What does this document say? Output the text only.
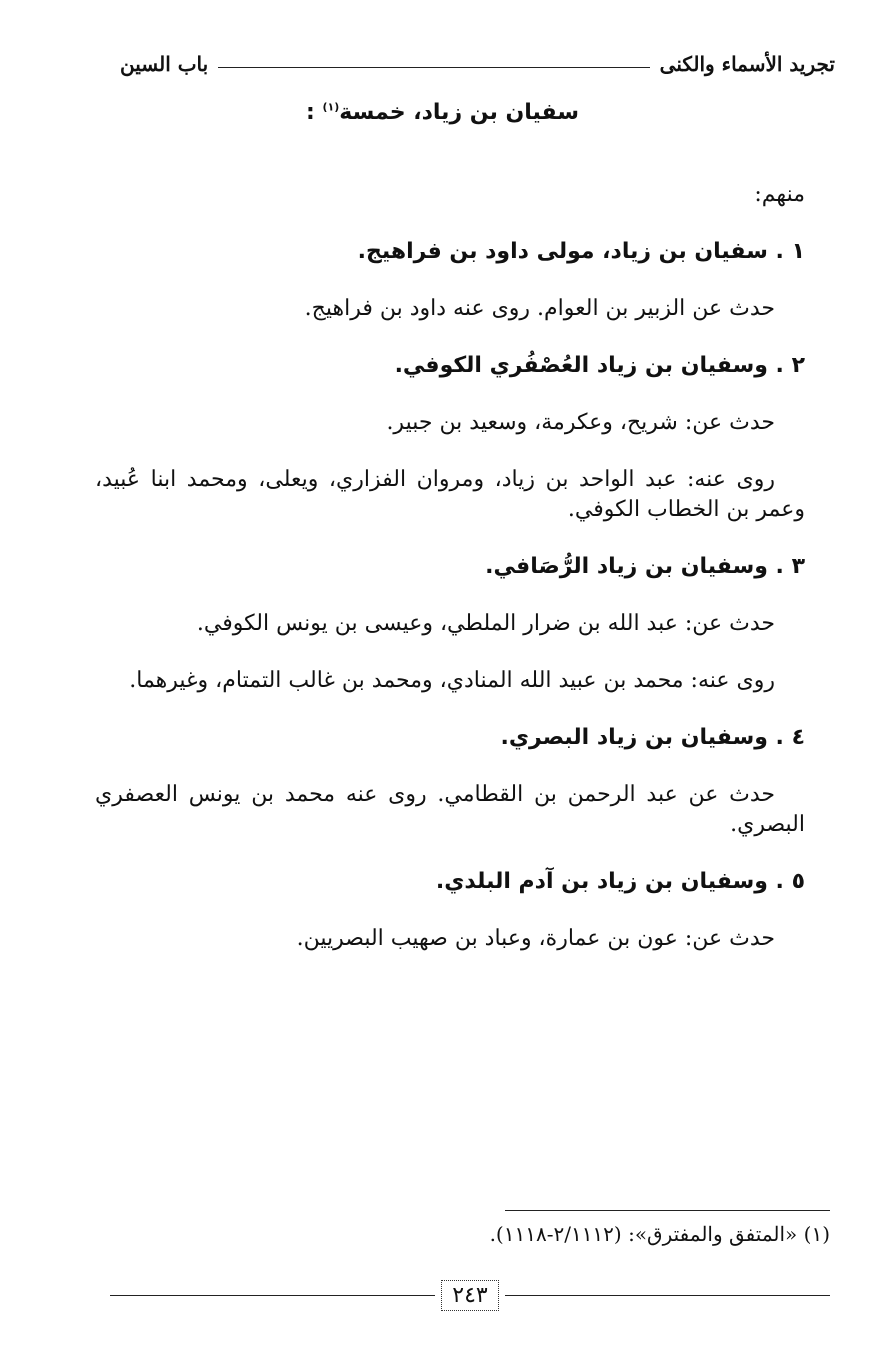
تجريد الأسماء والكنى
باب السين
سفيان بن زياد، خمسة$^{(١)}$ :

منهم:

١ . سفيان بن زياد، مولى داود بن فراهيج.

حدث عن الزبير بن العوام. روى عنه داود بن فراهيج.

٢ . وسفيان بن زياد العُصْفُري الكوفي.

حدث عن: شريح، وعكرمة، وسعيد بن جبير.

روى عنه: عبد الواحد بن زياد، ومروان الفزاري، ويعلى، ومحمد ابنا عُبيد، وعمر بن الخطاب الكوفي.

٣ . وسفيان بن زياد الرُّصَافي.

حدث عن: عبد الله بن ضرار الملطي، وعيسى بن يونس الكوفي.

روى عنه: محمد بن عبيد الله المنادي، ومحمد بن غالب التمتام، وغيرهما.

٤ . وسفيان بن زياد البصري.

حدث عن عبد الرحمن بن القطامي. روى عنه محمد بن يونس العصفري البصري.

٥ . وسفيان بن زياد بن آدم البلدي.

حدث عن: عون بن عمارة، وعباد بن صهيب البصريين.

(١) «المتفق والمفترق»: (٢/١١١٢-١١١٨).
٢٤٣
